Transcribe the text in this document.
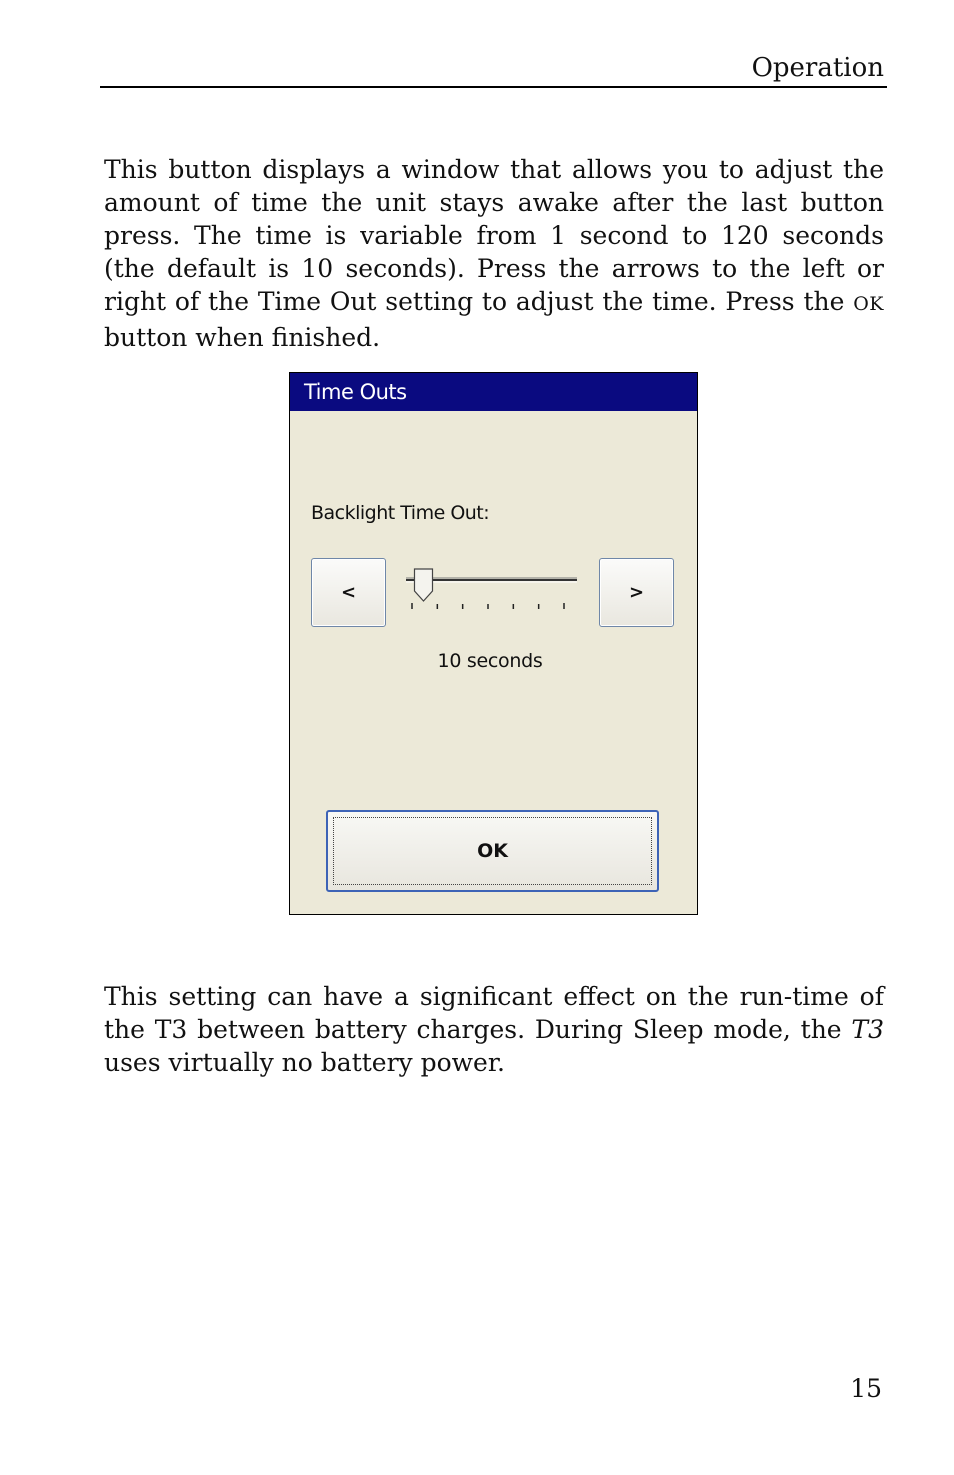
Operation

This button displays a window that allows you to adjust the amount of time the unit stays awake after the last button press. The time is variable from 1 second to 120 seconds (the default is 10 seconds). Press the arrows to the left or right of the Time Out setting to adjust the time. Press the OK button when finished.

Time Outs
Backlight Time Out:
<	>
10 seconds
OK

This setting can have a significant effect on the run-time of the T3 between battery charges. During Sleep mode, the T3 uses virtually no battery power.

15
